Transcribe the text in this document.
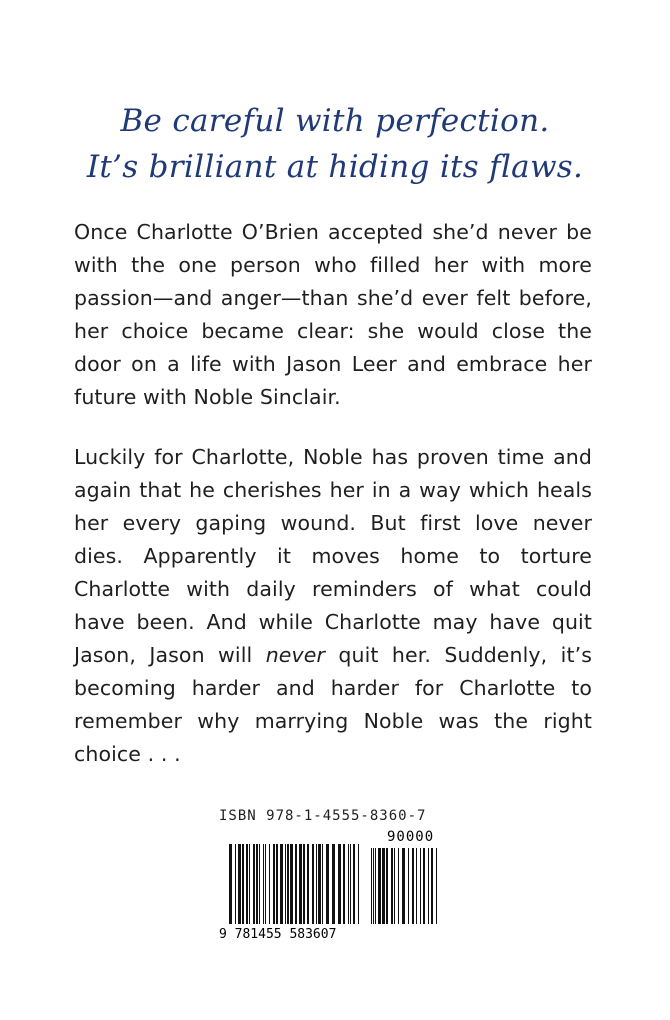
Be careful with perfection.
It’s brilliant at hiding its flaws.
Once Charlotte O’Brien accepted she’d never be with the one person who filled her with more passion—and anger—than she’d ever felt before, her choice became clear: she would close the door on a life with Jason Leer and embrace her future with Noble Sinclair.
Luckily for Charlotte, Noble has proven time and again that he cherishes her in a way which heals her every gaping wound. But first love never dies. Apparently it moves home to torture Charlotte with daily reminders of what could have been. And while Charlotte may have quit Jason, Jason will never quit her. Suddenly, it’s becoming harder and harder for Charlotte to remember why marrying Noble was the right choice . . .
ISBN 978-1-4555-8360-7
90000
9 781455 583607
